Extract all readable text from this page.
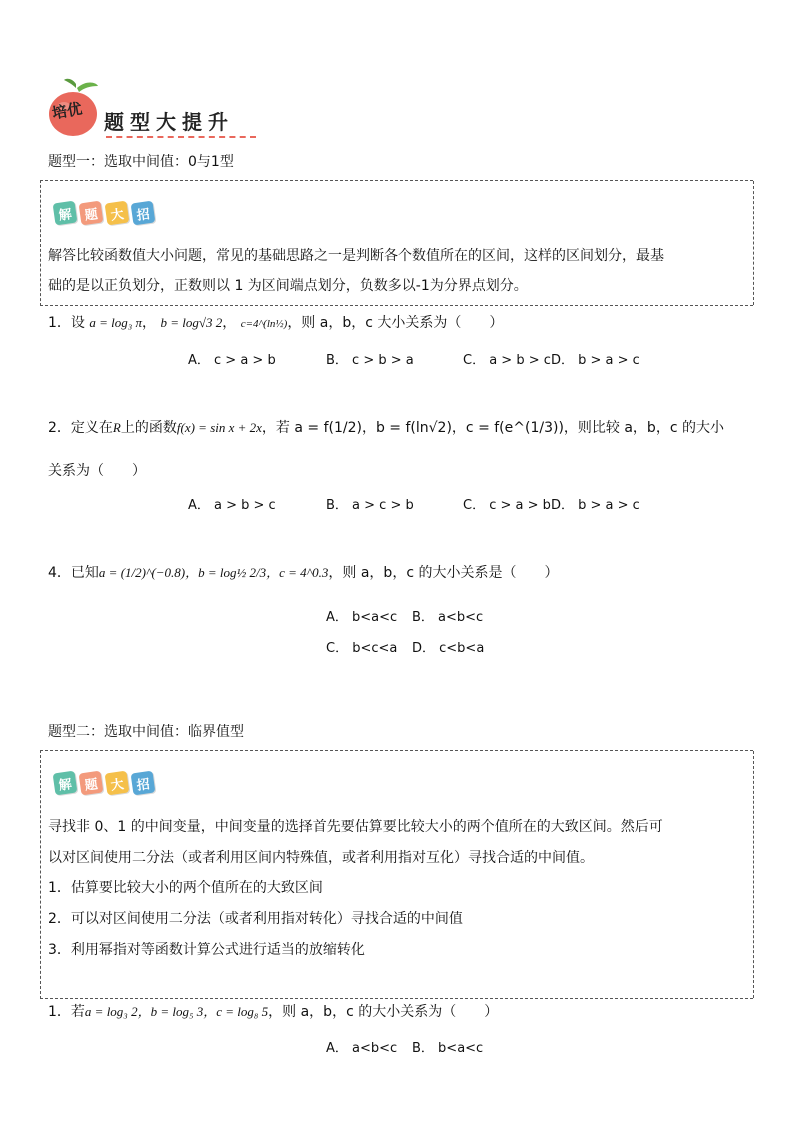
培优 题型大提升
题型一：选取中间值：0与1型
解 题 大 招
解答比较函数值大小问题，常见的基础思路之一是判断各个数值所在的区间，这样的区间划分，最基
础的是以正负划分，正数则以 1 为区间端点划分，负数多以-1为分界点划分。
1．设 a = log₃ π， b = log√3 2， c=4^(ln½)，则 a，b，c 大小关系为（　　）
A． c > a > b	B． c > b > a	C． a > b > c D． b > a > c
2．定义在R上的函数f(x) = sin x + 2x，若 a = f(1/2)，b = f(ln√2)，c = f(e^(1/3))，则比较 a，b，c 的大小
关系为（　　）
A． a > b > c	B． a > c > b	C． c > a > b D． b > a > c
4．已知a = (1/2)^(−0.8)，b = log½ 2/3，c = 4^0.3，则 a，b，c 的大小关系是（　　）
A． b<a<c B． a<b<c
C． b<c<a D． c<b<a
题型二：选取中间值：临界值型
解 题 大 招
寻找非 0、1 的中间变量，中间变量的选择首先要估算要比较大小的两个值所在的大致区间。然后可
以对区间使用二分法（或者利用区间内特殊值，或者利用指对互化）寻找合适的中间值。
1．估算要比较大小的两个值所在的大致区间
2．可以对区间使用二分法（或者利用指对转化）寻找合适的中间值
3．利用幂指对等函数计算公式进行适当的放缩转化
1．若a = log₃ 2，b = log₅ 3，c = log₈ 5，则 a，b，c 的大小关系为（　　）
A． a<b<c B． b<a<c
